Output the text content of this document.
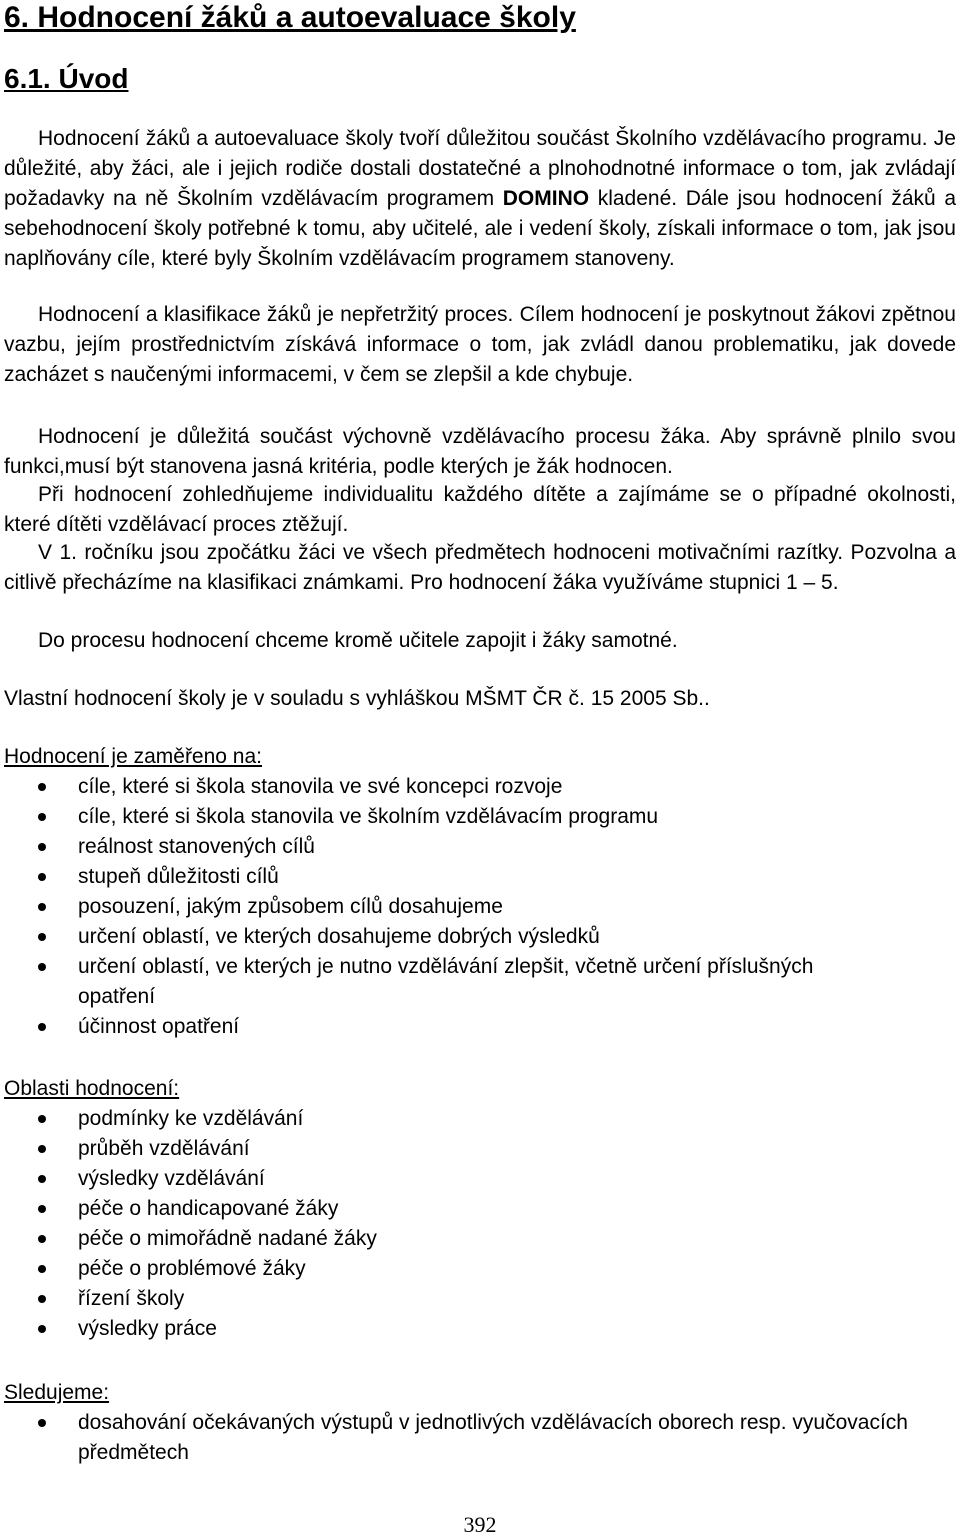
6. Hodnocení žáků a autoevaluace školy
6.1. Úvod

Hodnocení žáků a autoevaluace školy tvoří důležitou součást Školního vzdělávacího programu. Je důležité, aby žáci, ale i jejich rodiče dostali dostatečné a plnohodnotné informace o tom, jak zvládají požadavky na ně Školním vzdělávacím programem DOMINO kladené. Dále jsou hodnocení žáků a sebehodnocení školy potřebné k tomu, aby učitelé, ale i vedení školy, získali informace o tom, jak jsou naplňovány cíle, které byly Školním vzdělávacím programem stanoveny.

Hodnocení a klasifikace žáků je nepřetržitý proces. Cílem hodnocení je poskytnout žákovi zpětnou vazbu, jejím prostřednictvím získává informace o tom, jak zvládl danou problematiku, jak dovede zacházet s naučenými informacemi, v čem se zlepšil a kde chybuje.

Hodnocení je důležitá součást výchovně vzdělávacího procesu žáka. Aby správně plnilo svou funkci,musí být stanovena jasná kritéria, podle kterých je žák hodnocen.

Při hodnocení zohledňujeme individualitu každého dítěte a zajímáme se o případné okolnosti, které dítěti vzdělávací proces ztěžují.

V 1. ročníku jsou zpočátku žáci ve všech předmětech hodnoceni motivačními razítky. Pozvolna a citlivě přecházíme na klasifikaci známkami. Pro hodnocení žáka využíváme stupnici 1 – 5.

Do procesu hodnocení chceme kromě učitele zapojit i žáky samotné.

Vlastní hodnocení školy je v souladu s vyhláškou MŠMT ČR č. 15 2005 Sb..
Hodnocení je zaměřeno na:
cíle, které si škola stanovila ve své koncepci rozvoje
cíle, které si škola stanovila ve školním vzdělávacím programu
reálnost stanovených cílů
stupeň důležitosti cílů
posouzení, jakým způsobem cílů dosahujeme
určení oblastí, ve kterých dosahujeme dobrých výsledků
určení oblastí, ve kterých je nutno vzdělávání zlepšit, včetně určení příslušných opatření
účinnost opatření
Oblasti hodnocení:
podmínky ke vzdělávání
průběh vzdělávání
výsledky vzdělávání
péče o handicapované žáky
péče o mimořádně nadané žáky
péče o problémové žáky
řízení školy
výsledky práce
Sledujeme:
dosahování očekávaných výstupů v jednotlivých vzdělávacích oborech resp. vyučovacích předmětech
392
